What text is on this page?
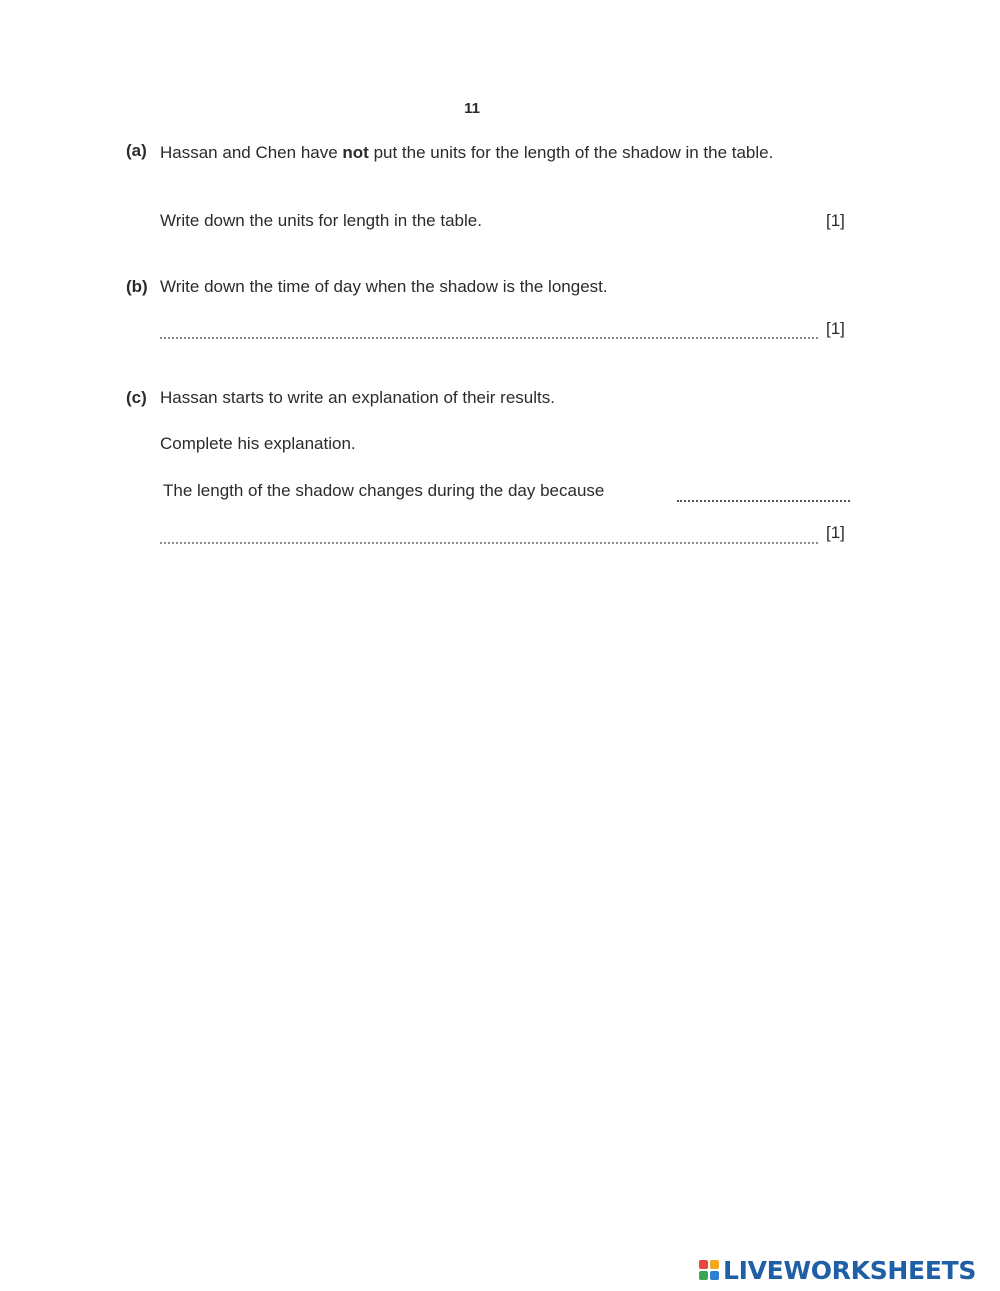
11
(a) Hassan and Chen have not put the units for the length of the shadow in the table.
Write down the units for length in the table.	[1]
(b) Write down the time of day when the shadow is the longest.
[1]
(c) Hassan starts to write an explanation of their results.
Complete his explanation.
The length of the shadow changes during the day because
[1]
LIVEWORKSHEETS
